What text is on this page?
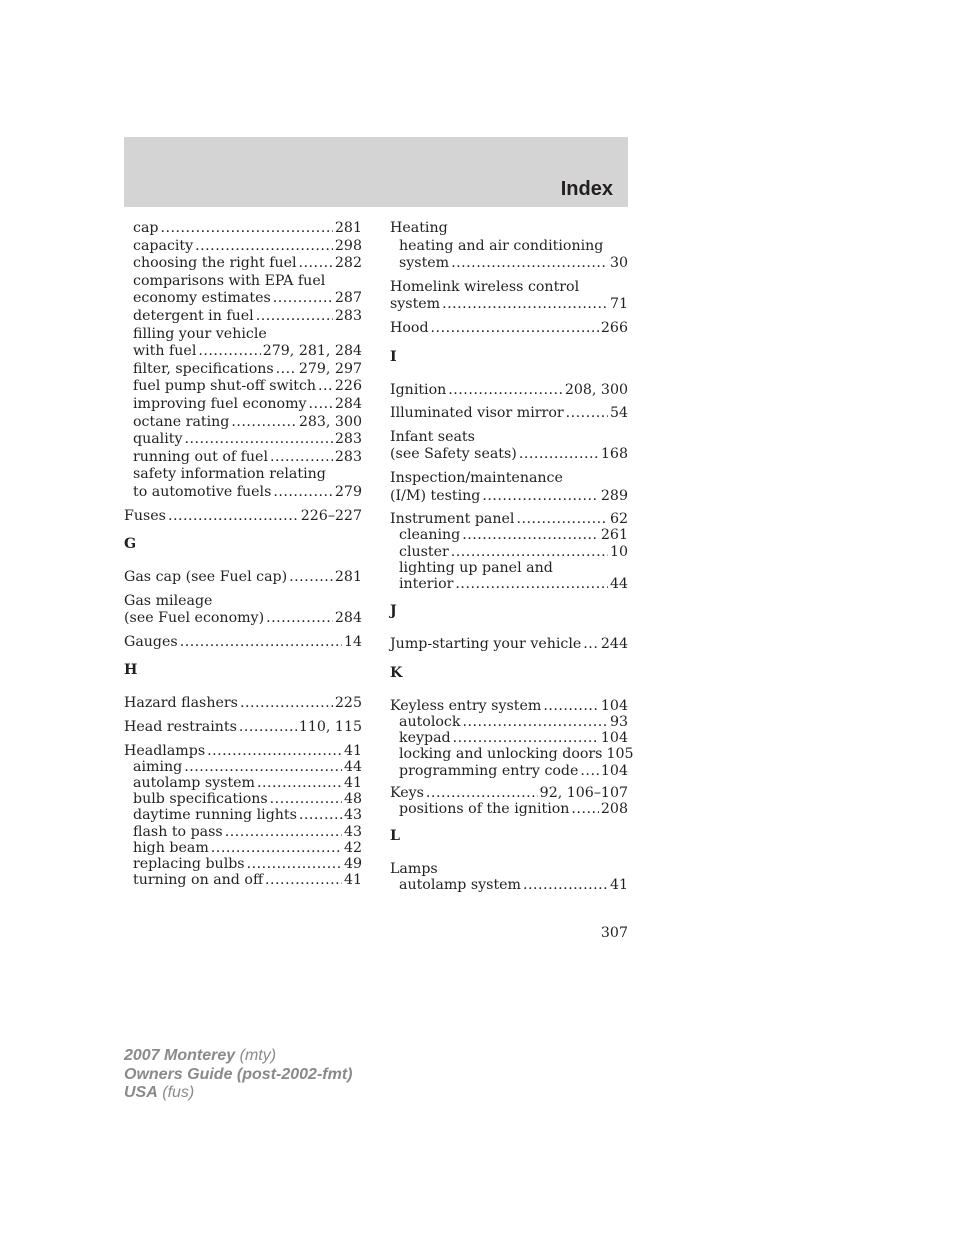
Index
cap .....	281
capacity .....	298
choosing the right fuel .....	282
comparisons with EPA fuel
economy estimates .....	287
detergent in fuel .....	283
filling your vehicle
with fuel .....	279, 281, 284
filter, specifications ..... 279, 297
fuel pump shut-off switch ..... 226
improving fuel economy ..... 284
octane rating .....	283, 300
quality .....	283
running out of fuel .....	283
safety information relating
to automotive fuels .....	279
Fuses .....	226–227
G
Gas cap (see Fuel cap) .....	281
Gas mileage
(see Fuel economy) .....	284
Gauges .....	14
H
Hazard flashers .....	225
Head restraints .....	110, 115
Headlamps .....	41
aiming .....	44
autolamp system .....	41
bulb specifications .....	48
daytime running lights .....	43
flash to pass .....	43
high beam .....	42
replacing bulbs .....	49
turning on and off .....	41
Heating
heating and air conditioning
system .....	30
Homelink wireless control
system .....	71
Hood .....	266
I
Ignition .....	208, 300
Illuminated visor mirror .....	54
Infant seats
(see Safety seats) .....	168
Inspection/maintenance
(I/M) testing .....	289
Instrument panel .....	62
cleaning .....	261
cluster .....	10
lighting up panel and
interior .....	44
J
Jump-starting your vehicle ..... 244
K
Keyless entry system .....	104
autolock .....	93
keypad .....	104
locking and unlocking doors 105
programming entry code ..... 104
Keys .....	92, 106–107
positions of the ignition ..... 208
L
Lamps
autolamp system .....	41
307
2007 Monterey (mty)
Owners Guide (post-2002-fmt)
USA (fus)
